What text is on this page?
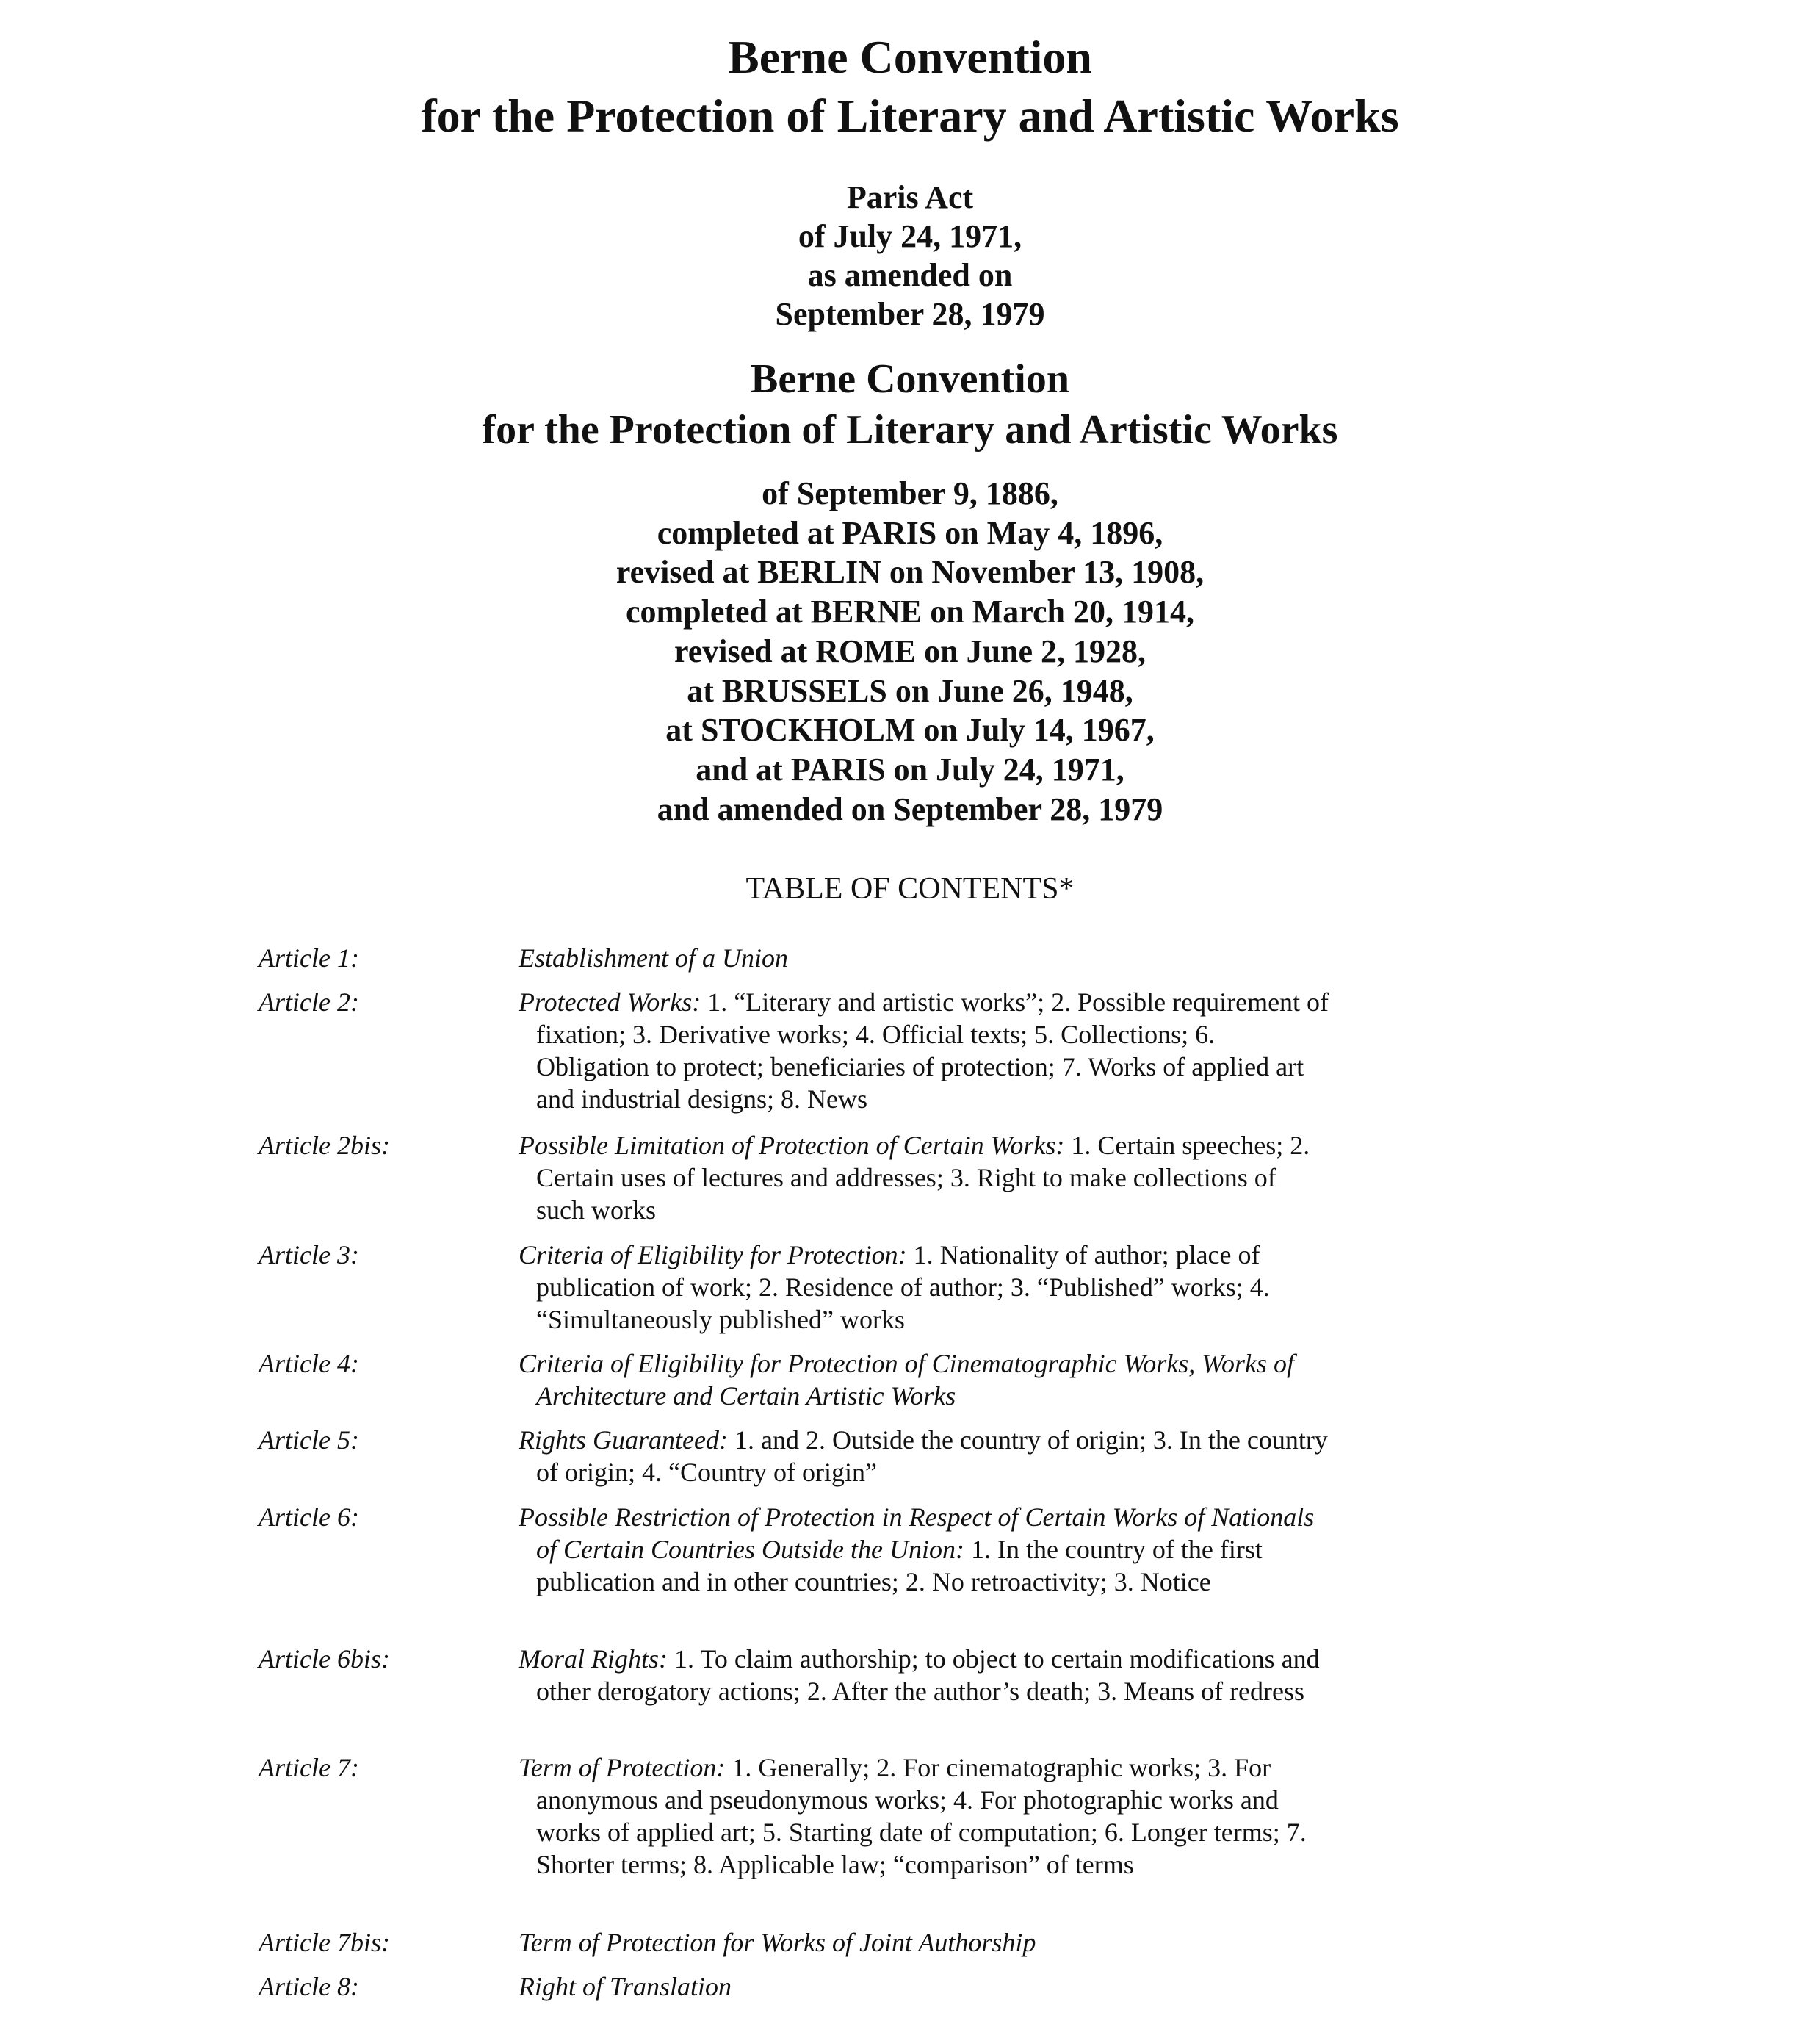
Berne Convention
for the Protection of Literary and Artistic Works
Paris Act
of July 24, 1971,
as amended on
September 28, 1979
Berne Convention
for the Protection of Literary and Artistic Works
of September 9, 1886,
completed at PARIS on May 4, 1896,
revised at BERLIN on November 13, 1908,
completed at BERNE on March 20, 1914,
revised at ROME on June 2, 1928,
at BRUSSELS on June 26, 1948,
at STOCKHOLM on July 14, 1967,
and at PARIS on July 24, 1971,
and amended on September 28, 1979
TABLE OF CONTENTS*
Article 1:	Establishment of a Union
Article 2:	Protected Works: 1. “Literary and artistic works”; 2. Possible requirement of fixation; 3. Derivative works; 4. Official texts; 5. Collections; 6. Obligation to protect; beneficiaries of protection; 7. Works of applied art and industrial designs; 8. News
Article 2bis:	Possible Limitation of Protection of Certain Works: 1. Certain speeches; 2. Certain uses of lectures and addresses; 3. Right to make collections of such works
Article 3:	Criteria of Eligibility for Protection: 1. Nationality of author; place of publication of work; 2. Residence of author; 3. “Published” works; 4. “Simultaneously published” works
Article 4:	Criteria of Eligibility for Protection of Cinematographic Works, Works of Architecture and Certain Artistic Works
Article 5:	Rights Guaranteed: 1. and 2. Outside the country of origin; 3. In the country of origin; 4. “Country of origin”
Article 6:	Possible Restriction of Protection in Respect of Certain Works of Nationals of Certain Countries Outside the Union: 1. In the country of the first publication and in other countries; 2. No retroactivity; 3. Notice
Article 6bis:	Moral Rights: 1. To claim authorship; to object to certain modifications and other derogatory actions; 2. After the author’s death; 3. Means of redress
Article 7:	Term of Protection: 1. Generally; 2. For cinematographic works; 3. For anonymous and pseudonymous works; 4. For photographic works and works of applied art; 5. Starting date of computation; 6. Longer terms; 7. Shorter terms; 8. Applicable law; “comparison” of terms
Article 7bis:	Term of Protection for Works of Joint Authorship
Article 8:	Right of Translation
